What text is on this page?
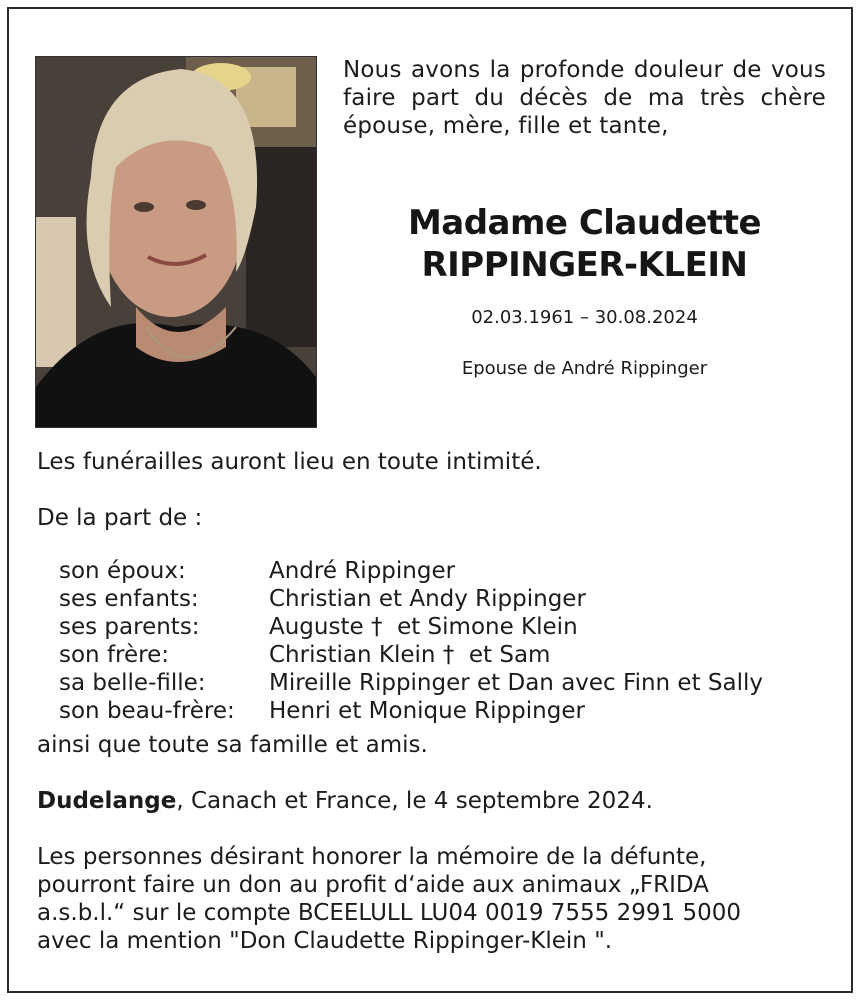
Nous avons la profonde douleur de vous faire part du décès de ma très chère épouse, mère, fille et tante,
Madame Claudette
RIPPINGER-KLEIN
02.03.1961 – 30.08.2024
Epouse de André Rippinger
Les funérailles auront lieu en toute intimité.
De la part de :
son époux:	André Rippinger
ses enfants:	Christian et Andy Rippinger
ses parents:	Auguste †  et Simone Klein
son frère:	Christian Klein †  et Sam
sa belle-fille:	Mireille Rippinger et Dan avec Finn et Sally
son beau-frère:	Henri et Monique Rippinger
ainsi que toute sa famille et amis.
Dudelange, Canach et France, le 4 septembre 2024.
Les personnes désirant honorer la mémoire de la défunte,
pourront faire un don au profit d‘aide aux animaux „FRIDA
a.s.b.l.“ sur le compte BCEELULL LU04 0019 7555 2991 5000
avec la mention "Don Claudette Rippinger-Klein ".
